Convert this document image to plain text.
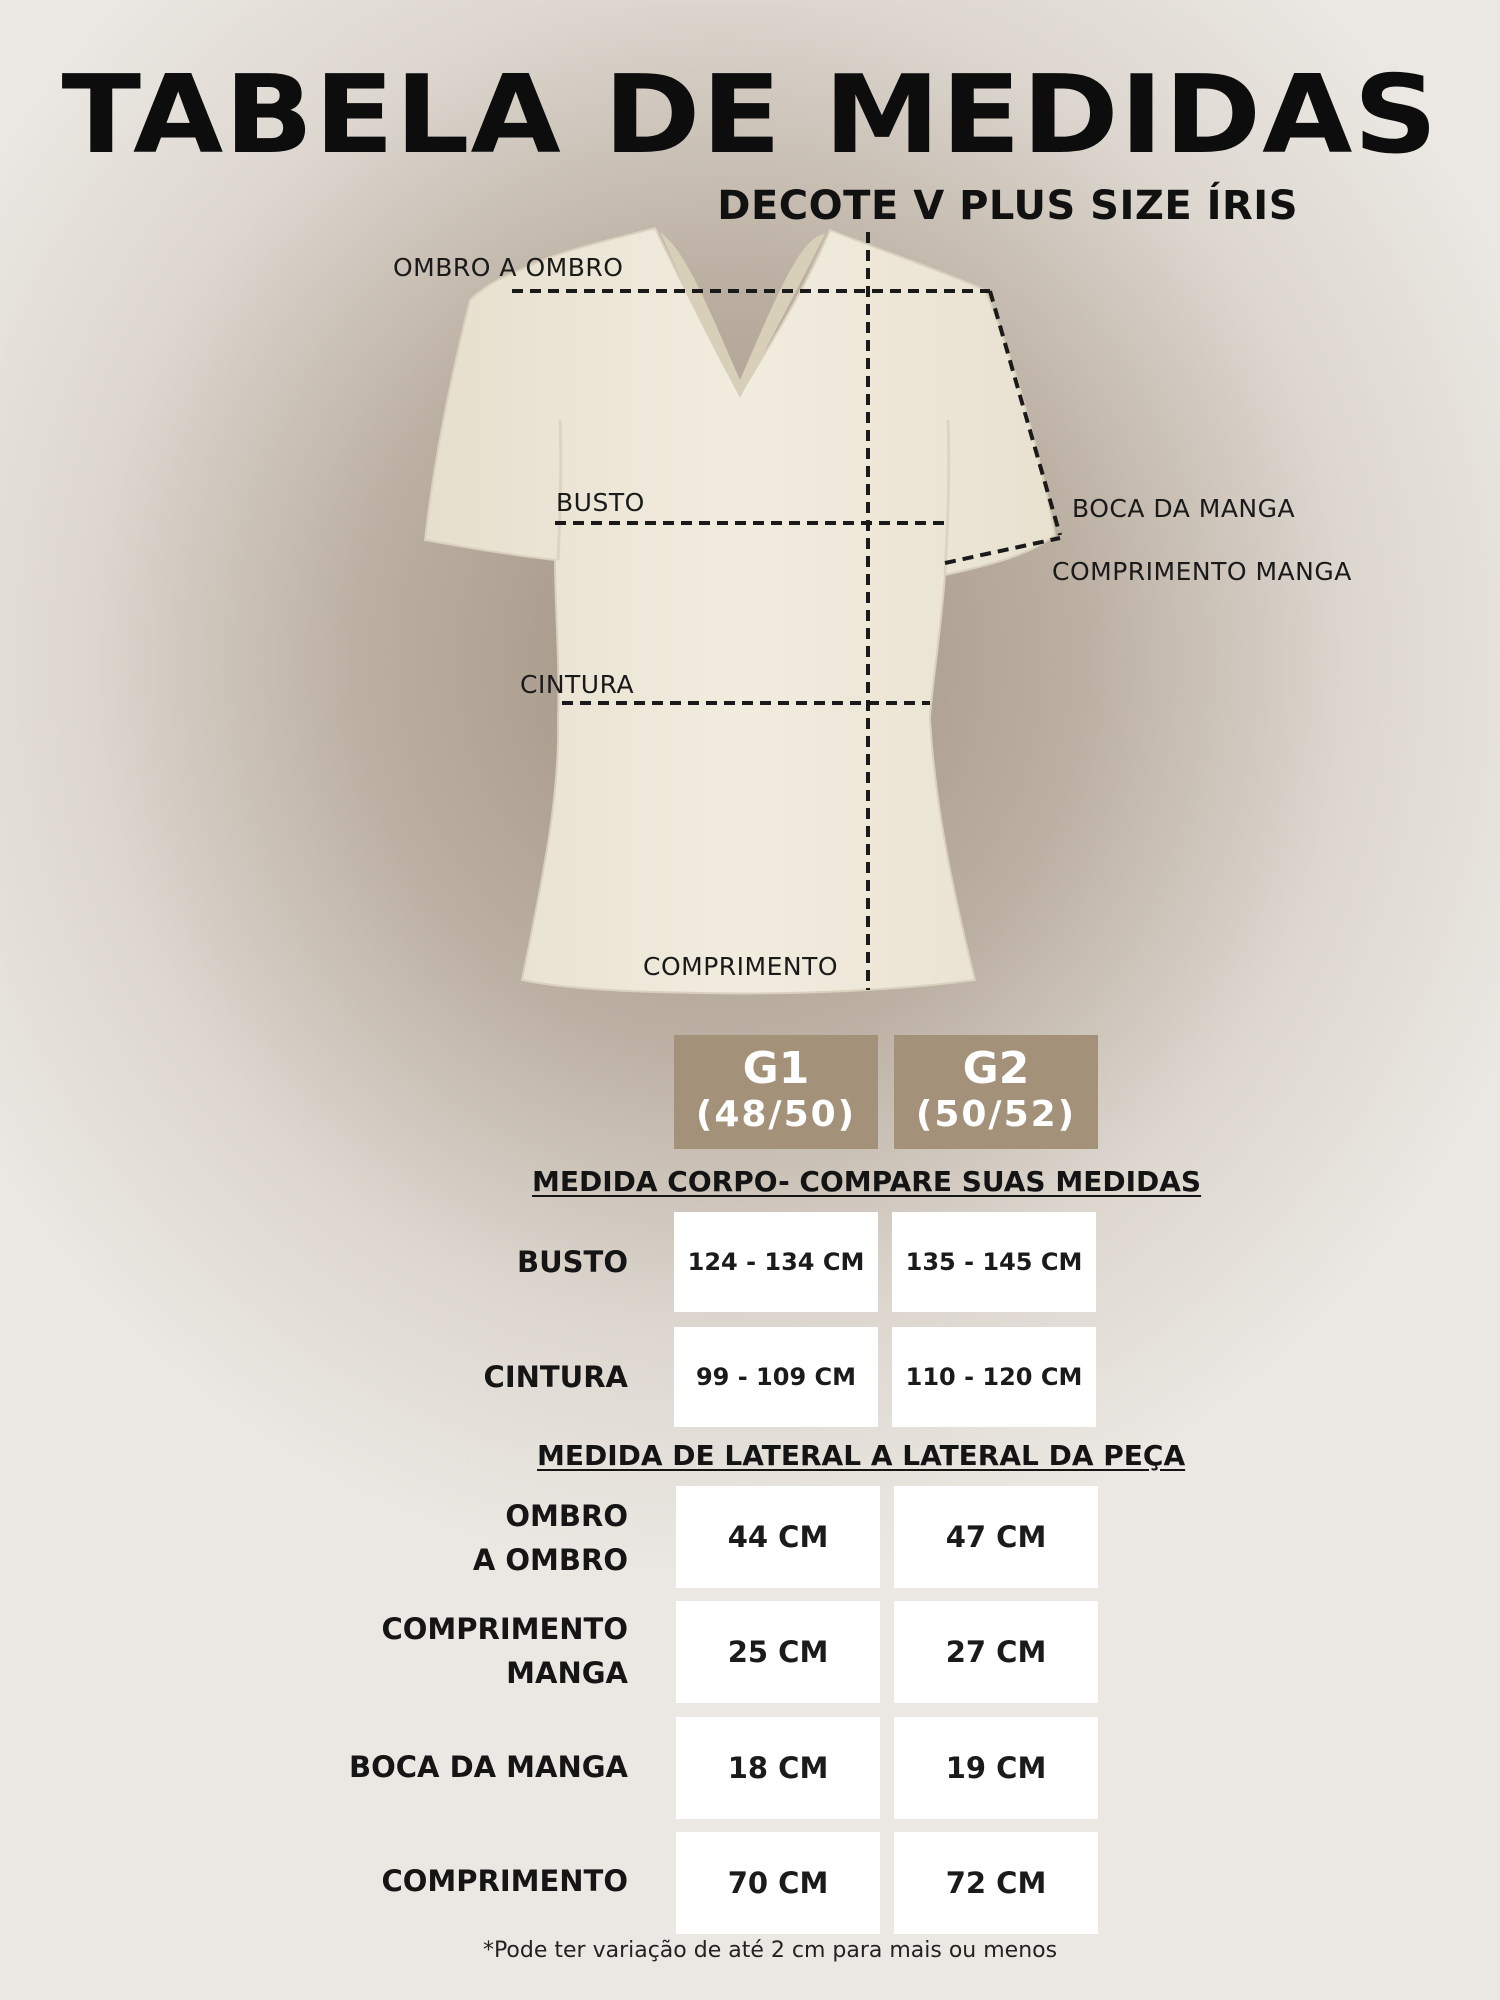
TABELA DE MEDIDAS
DECOTE V PLUS SIZE ÍRIS
OMBRO A OMBRO
BUSTO	BOCA DA MANGA
COMPRIMENTO MANGA
CINTURA
COMPRIMENTO
G1
(48/50)
G2
(50/52)
MEDIDA CORPO- COMPARE SUAS MEDIDAS
BUSTO	124 - 134 CM	135 - 145 CM
CINTURA	99 - 109 CM	110 - 120 CM
MEDIDA DE LATERAL A LATERAL DA PEÇA
OMBRO
A OMBRO
44 CM	47 CM
COMPRIMENTO
MANGA
25 CM	27 CM
BOCA DA MANGA	18 CM	19 CM
COMPRIMENTO	70 CM	72 CM
*Pode ter variação de até 2 cm para mais ou menos
